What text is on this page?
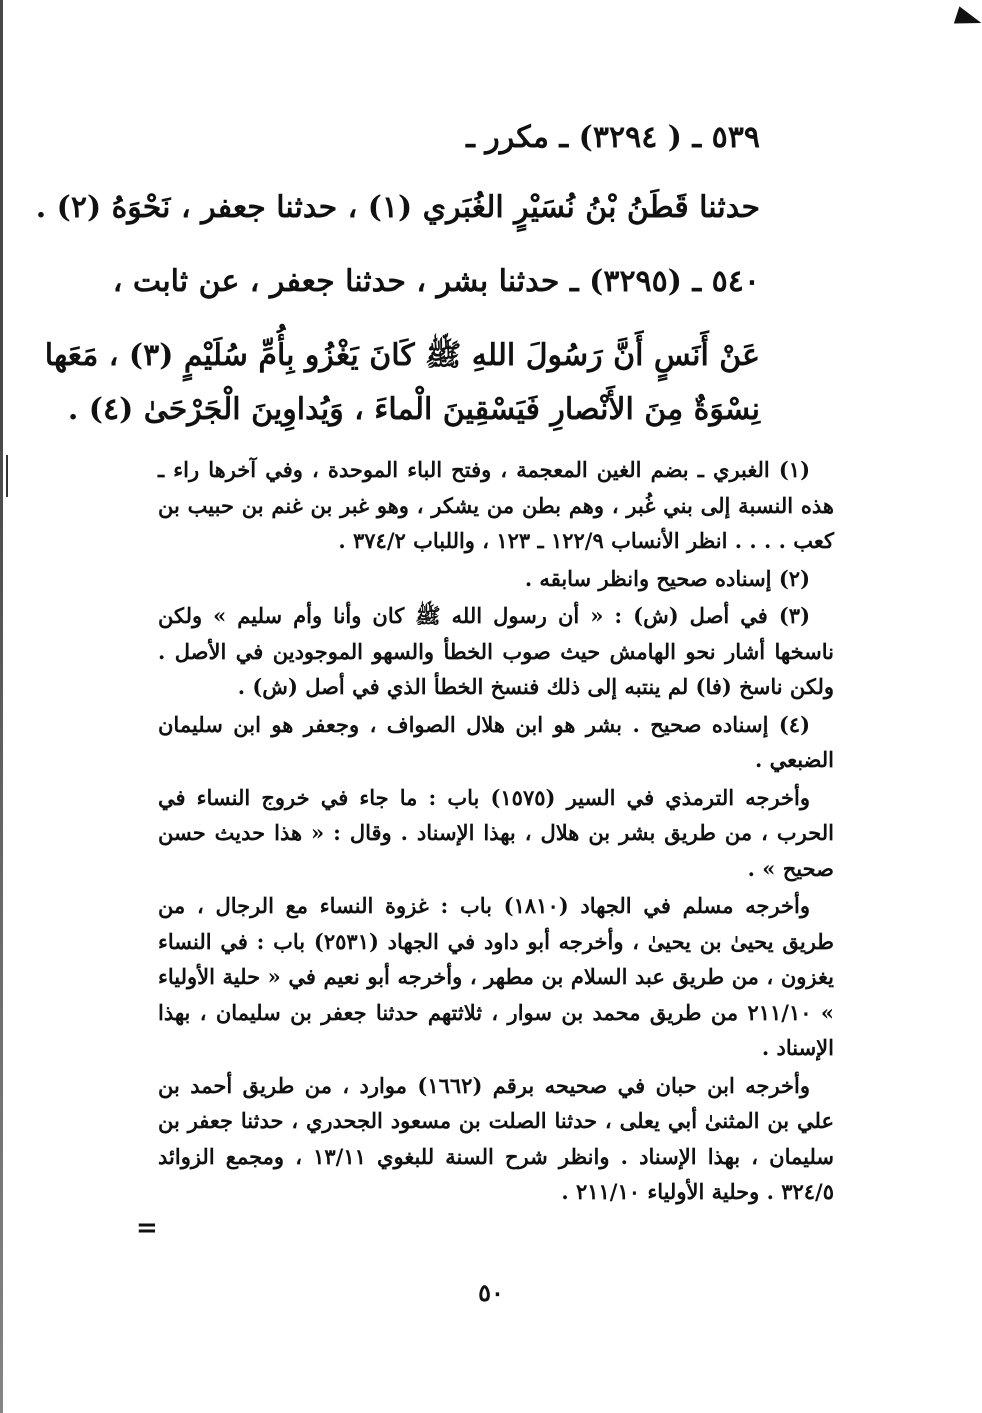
٥٣٩ ـ ( ٣٢٩٤) ـ مكرر ـ
حدثنا قَطَنُ بْنُ نُسَيْرٍ الغُبَري (١) ، حدثنا جعفر ، نَحْوَهُ (٢) .
٥٤٠ ـ (٣٢٩٥) ـ حدثنا بشر ، حدثنا جعفر ، عن ثابت ،
عَنْ أَنَسٍ أَنَّ رَسُولَ اللهِ ﷺ كَانَ يَغْزُو بِأُمِّ سُلَيْمٍ (٣) ، مَعَها
نِسْوَةٌ مِنَ الأَنْصارِ فَيَسْقِينَ الْماءَ ، وَيُداوِينَ الْجَرْحَىٰ (٤) .

(١) الغبري ـ بضم الغين المعجمة ، وفتح الباء الموحدة ، وفي آخرها راء ـ هذه النسبة إلى بني غُبر ، وهم بطن من يشكر ، وهو غبر بن غنم بن حبيب بن كعب . . . . انظر الأنساب ١٢٢/٩ ـ ١٢٣ ، واللباب ٣٧٤/٢ .

(٢) إسناده صحيح وانظر سابقه .

(٣) في أصل (ش) : « أن رسول الله ﷺ كان وأنا وأم سليم » ولكن ناسخها أشار نحو الهامش حيث صوب الخطأ والسهو الموجودين في الأصل . ولكن ناسخ (فا) لم ينتبه إلى ذلك فنسخ الخطأ الذي في أصل (ش) .

(٤) إسناده صحيح . بشر هو ابن هلال الصواف ، وجعفر هو ابن سليمان الضبعي .

وأخرجه الترمذي في السير (١٥٧٥) باب : ما جاء في خروج النساء في الحرب ، من طريق بشر بن هلال ، بهذا الإسناد . وقال : « هذا حديث حسن صحيح » .

وأخرجه مسلم في الجهاد (١٨١٠) باب : غزوة النساء مع الرجال ، من طريق يحيىٰ بن يحيىٰ ، وأخرجه أبو داود في الجهاد (٢٥٣١) باب : في النساء يغزون ، من طريق عبد السلام بن مطهر ، وأخرجه أبو نعيم في « حلية الأولياء » ٢١١/١٠ من طريق محمد بن سوار ، ثلاثتهم حدثنا جعفر بن سليمان ، بهذا الإسناد .

وأخرجه ابن حبان في صحيحه برقم (١٦٦٢) موارد ، من طريق أحمد بن علي بن المثنىٰ أبي يعلى ، حدثنا الصلت بن مسعود الجحدري ، حدثنا جعفر بن سليمان ، بهذا الإسناد . وانظر شرح السنة للبغوي ١٣/١١ ، ومجمع الزوائد ٣٢٤/٥ . وحلية الأولياء ٢١١/١٠ .

=
٥٠
